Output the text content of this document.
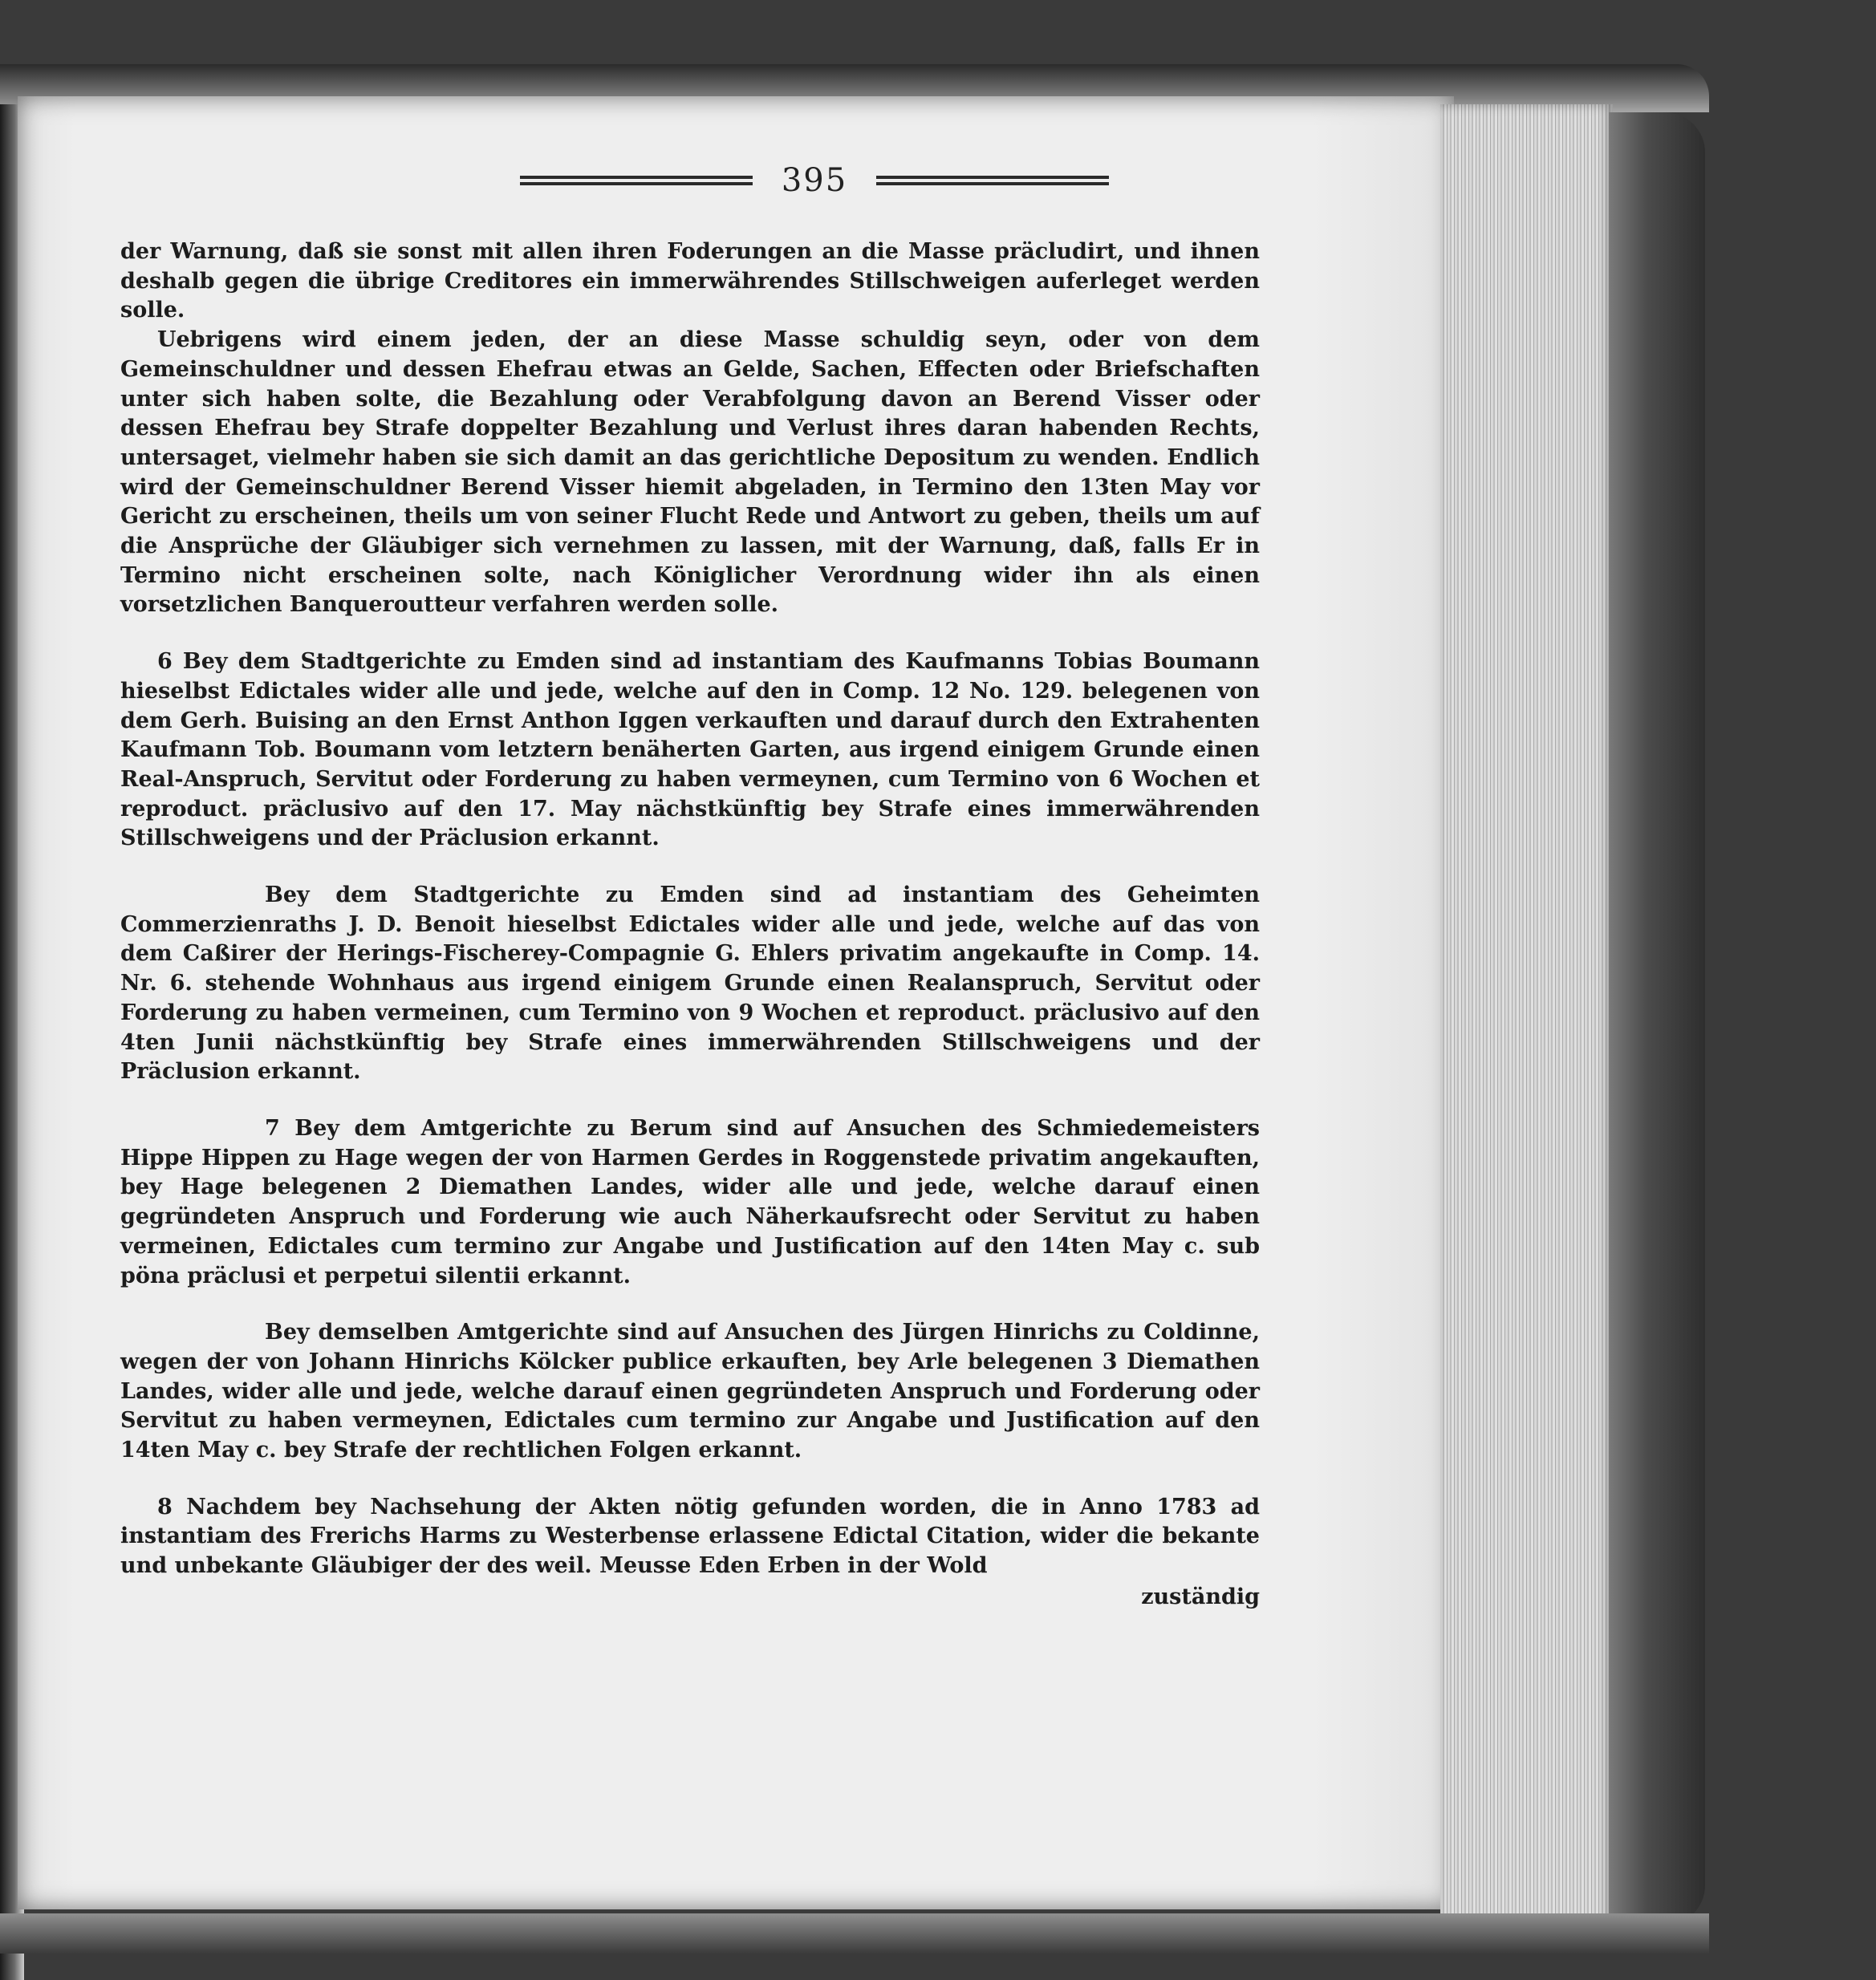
395

der Warnung, daß sie sonst mit allen ihren Foderungen an die Masse präcludirt, und ihnen deshalb gegen die übrige Creditores ein immerwährendes Stillschweigen auferleget werden solle.

Uebrigens wird einem jeden, der an diese Masse schuldig seyn, oder von dem Gemeinschuldner und dessen Ehefrau etwas an Gelde, Sachen, Effecten oder Briefschaften unter sich haben solte, die Bezahlung oder Verabfolgung davon an Berend Visser oder dessen Ehefrau bey Strafe doppelter Bezahlung und Verlust ihres daran habenden Rechts, untersaget, vielmehr haben sie sich damit an das gerichtliche Depositum zu wenden. Endlich wird der Gemeinschuldner Berend Visser hiemit abgeladen, in Termino den 13ten May vor Gericht zu erscheinen, theils um von seiner Flucht Rede und Antwort zu geben, theils um auf die Ansprüche der Gläubiger sich vernehmen zu lassen, mit der Warnung, daß, falls Er in Termino nicht erscheinen solte, nach Königlicher Verordnung wider ihn als einen vorsetzlichen Banqueroutteur verfahren werden solle.

6 Bey dem Stadtgerichte zu Emden sind ad instantiam des Kaufmanns Tobias Boumann hieselbst Edictales wider alle und jede, welche auf den in Comp. 12 No. 129. belegenen von dem Gerh. Buising an den Ernst Anthon Iggen verkauften und darauf durch den Extrahenten Kaufmann Tob. Boumann vom letztern benäherten Garten, aus irgend einigem Grunde einen Real-Anspruch, Servitut oder Forderung zu haben vermeynen, cum Termino von 6 Wochen et reproduct. präclusivo auf den 17. May nächstkünftig bey Strafe eines immerwährenden Stillschweigens und der Präclusion erkannt.

Bey dem Stadtgerichte zu Emden sind ad instantiam des Geheimten Commerzienraths J. D. Benoit hieselbst Edictales wider alle und jede, welche auf das von dem Caßirer der Herings-Fischerey-Compagnie G. Ehlers privatim angekaufte in Comp. 14. Nr. 6. stehende Wohnhaus aus irgend einigem Grunde einen Realanspruch, Servitut oder Forderung zu haben vermeinen, cum Termino von 9 Wochen et reproduct. präclusivo auf den 4ten Junii nächstkünftig bey Strafe eines immerwährenden Stillschweigens und der Präclusion erkannt.

7 Bey dem Amtgerichte zu Berum sind auf Ansuchen des Schmiedemeisters Hippe Hippen zu Hage wegen der von Harmen Gerdes in Roggenstede privatim angekauften, bey Hage belegenen 2 Diemathen Landes, wider alle und jede, welche darauf einen gegründeten Anspruch und Forderung wie auch Näherkaufsrecht oder Servitut zu haben vermeinen, Edictales cum termino zur Angabe und Justification auf den 14ten May c. sub pöna präclusi et perpetui silentii erkannt.

Bey demselben Amtgerichte sind auf Ansuchen des Jürgen Hinrichs zu Coldinne, wegen der von Johann Hinrichs Kölcker publice erkauften, bey Arle belegenen 3 Diemathen Landes, wider alle und jede, welche darauf einen gegründeten Anspruch und Forderung oder Servitut zu haben vermeynen, Edictales cum termino zur Angabe und Justification auf den 14ten May c. bey Strafe der rechtlichen Folgen erkannt.

8 Nachdem bey Nachsehung der Akten nötig gefunden worden, die in Anno 1783 ad instantiam des Frerichs Harms zu Westerbense erlassene Edictal Citation, wider die bekante und unbekante Gläubiger der des weil. Meusse Eden Erben in der Wold

zuständig
